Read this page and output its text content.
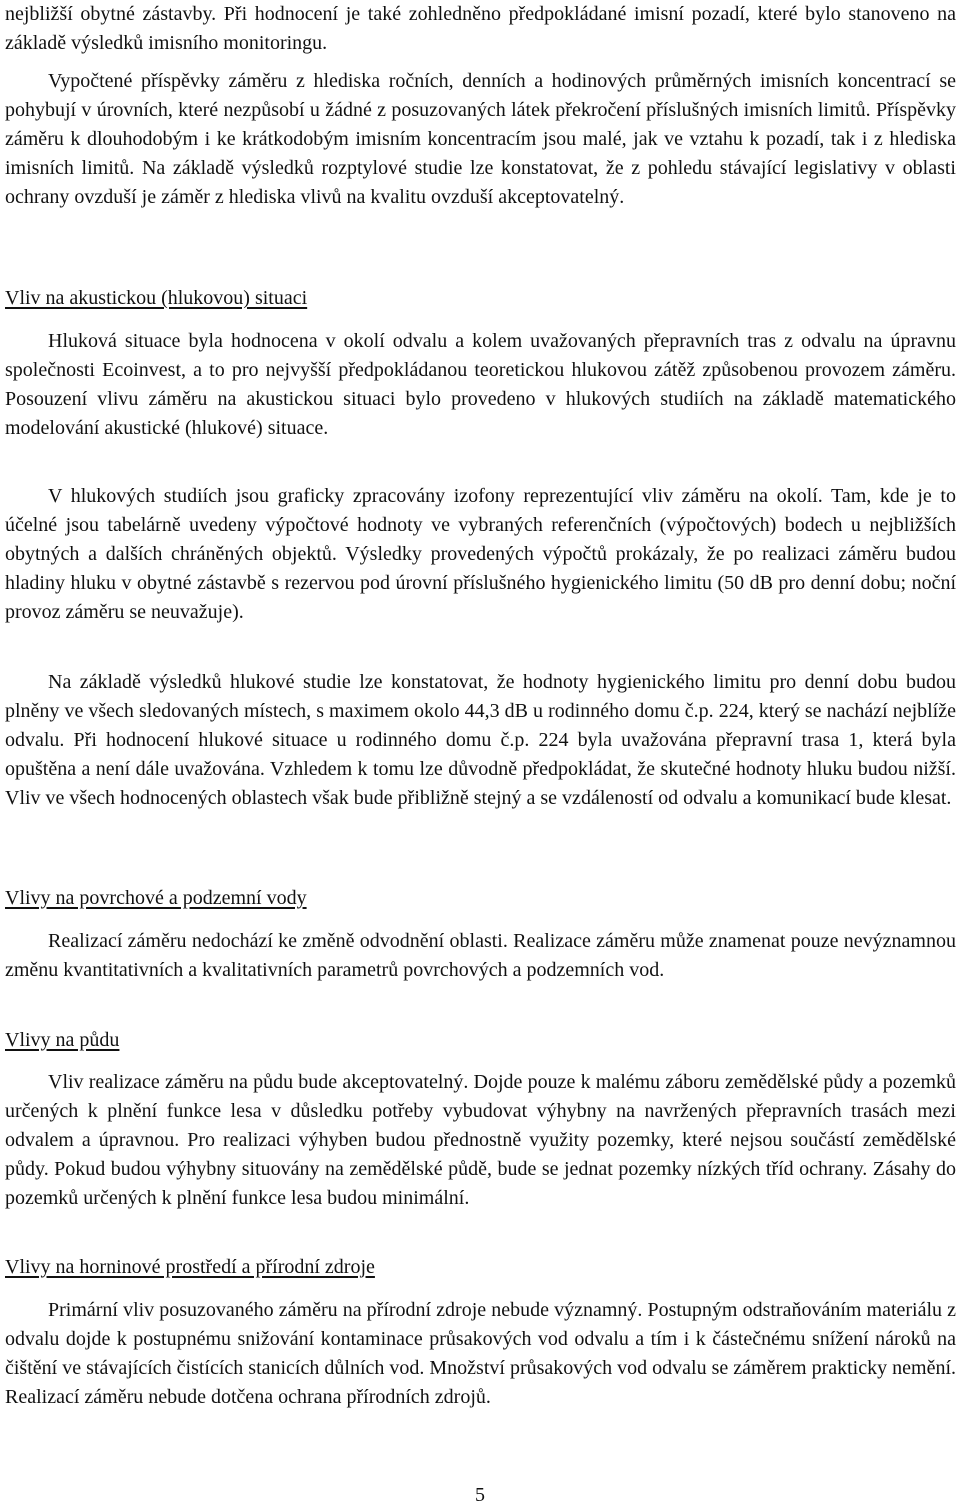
nejbližší obytné zástavby. Při hodnocení je také zohledněno předpokládané imisní pozadí, které bylo stanoveno na základě výsledků imisního monitoringu.

Vypočtené příspěvky záměru z hlediska ročních, denních a hodinových průměrných imisních koncentrací se pohybují v úrovních, které nezpůsobí u žádné z posuzovaných látek překročení příslušných imisních limitů. Příspěvky záměru k dlouhodobým i ke krátkodobým imisním koncentracím jsou malé, jak ve vztahu k pozadí, tak i z hlediska imisních limitů. Na základě výsledků rozptylové studie lze konstatovat, že z pohledu stávající legislativy v oblasti ochrany ovzduší je záměr z hlediska vlivů na kvalitu ovzduší akceptovatelný.

Vliv na akustickou (hlukovou) situaci

Hluková situace byla hodnocena v okolí odvalu a kolem uvažovaných přepravních tras z odvalu na úpravnu společnosti Ecoinvest, a to pro nejvyšší předpokládanou teoretickou hlukovou zátěž způsobenou provozem záměru. Posouzení vlivu záměru na akustickou situaci bylo provedeno v hlukových studiích na základě matematického modelování akustické (hlukové) situace.

V hlukových studiích jsou graficky zpracovány izofony reprezentující vliv záměru na okolí. Tam, kde je to účelné jsou tabelárně uvedeny výpočtové hodnoty ve vybraných referenčních (výpočtových) bodech u nejbližších obytných a dalších chráněných objektů. Výsledky provedených výpočtů prokázaly, že po realizaci záměru budou hladiny hluku v obytné zástavbě s rezervou pod úrovní příslušného hygienického limitu (50 dB pro denní dobu; noční provoz záměru se neuvažuje).

Na základě výsledků hlukové studie lze konstatovat, že hodnoty hygienického limitu pro denní dobu budou plněny ve všech sledovaných místech, s maximem okolo 44,3 dB u rodinného domu č.p. 224, který se nachází nejblíže odvalu. Při hodnocení hlukové situace u rodinného domu č.p. 224 byla uvažována přepravní trasa 1, která byla opuštěna a není dále uvažována. Vzhledem k tomu lze důvodně předpokládat, že skutečné hodnoty hluku budou nižší. Vliv ve všech hodnocených oblastech však bude přibližně stejný a se vzdáleností od odvalu a komunikací bude klesat.

Vlivy na povrchové a podzemní vody

Realizací záměru nedochází ke změně odvodnění oblasti. Realizace záměru může znamenat pouze nevýznamnou změnu kvantitativních a kvalitativních parametrů povrchových a podzemních vod.

Vlivy na půdu

Vliv realizace záměru na půdu bude akceptovatelný. Dojde pouze k malému záboru zemědělské půdy a pozemků určených k plnění funkce lesa v důsledku potřeby vybudovat výhybny na navržených přepravních trasách mezi odvalem a úpravnou. Pro realizaci výhyben budou přednostně využity pozemky, které nejsou součástí zemědělské půdy. Pokud budou výhybny situovány na zemědělské půdě, bude se jednat pozemky nízkých tříd ochrany. Zásahy do pozemků určených k plnění funkce lesa budou minimální.

Vlivy na horninové prostředí a přírodní zdroje

Primární vliv posuzovaného záměru na přírodní zdroje nebude významný. Postupným odstraňováním materiálu z odvalu dojde k postupnému snižování kontaminace průsakových vod odvalu a tím i k částečnému snížení nároků na čištění ve stávajících čistících stanicích důlních vod. Množství průsakových vod odvalu se záměrem prakticky nemění. Realizací záměru nebude dotčena ochrana přírodních zdrojů.

5
